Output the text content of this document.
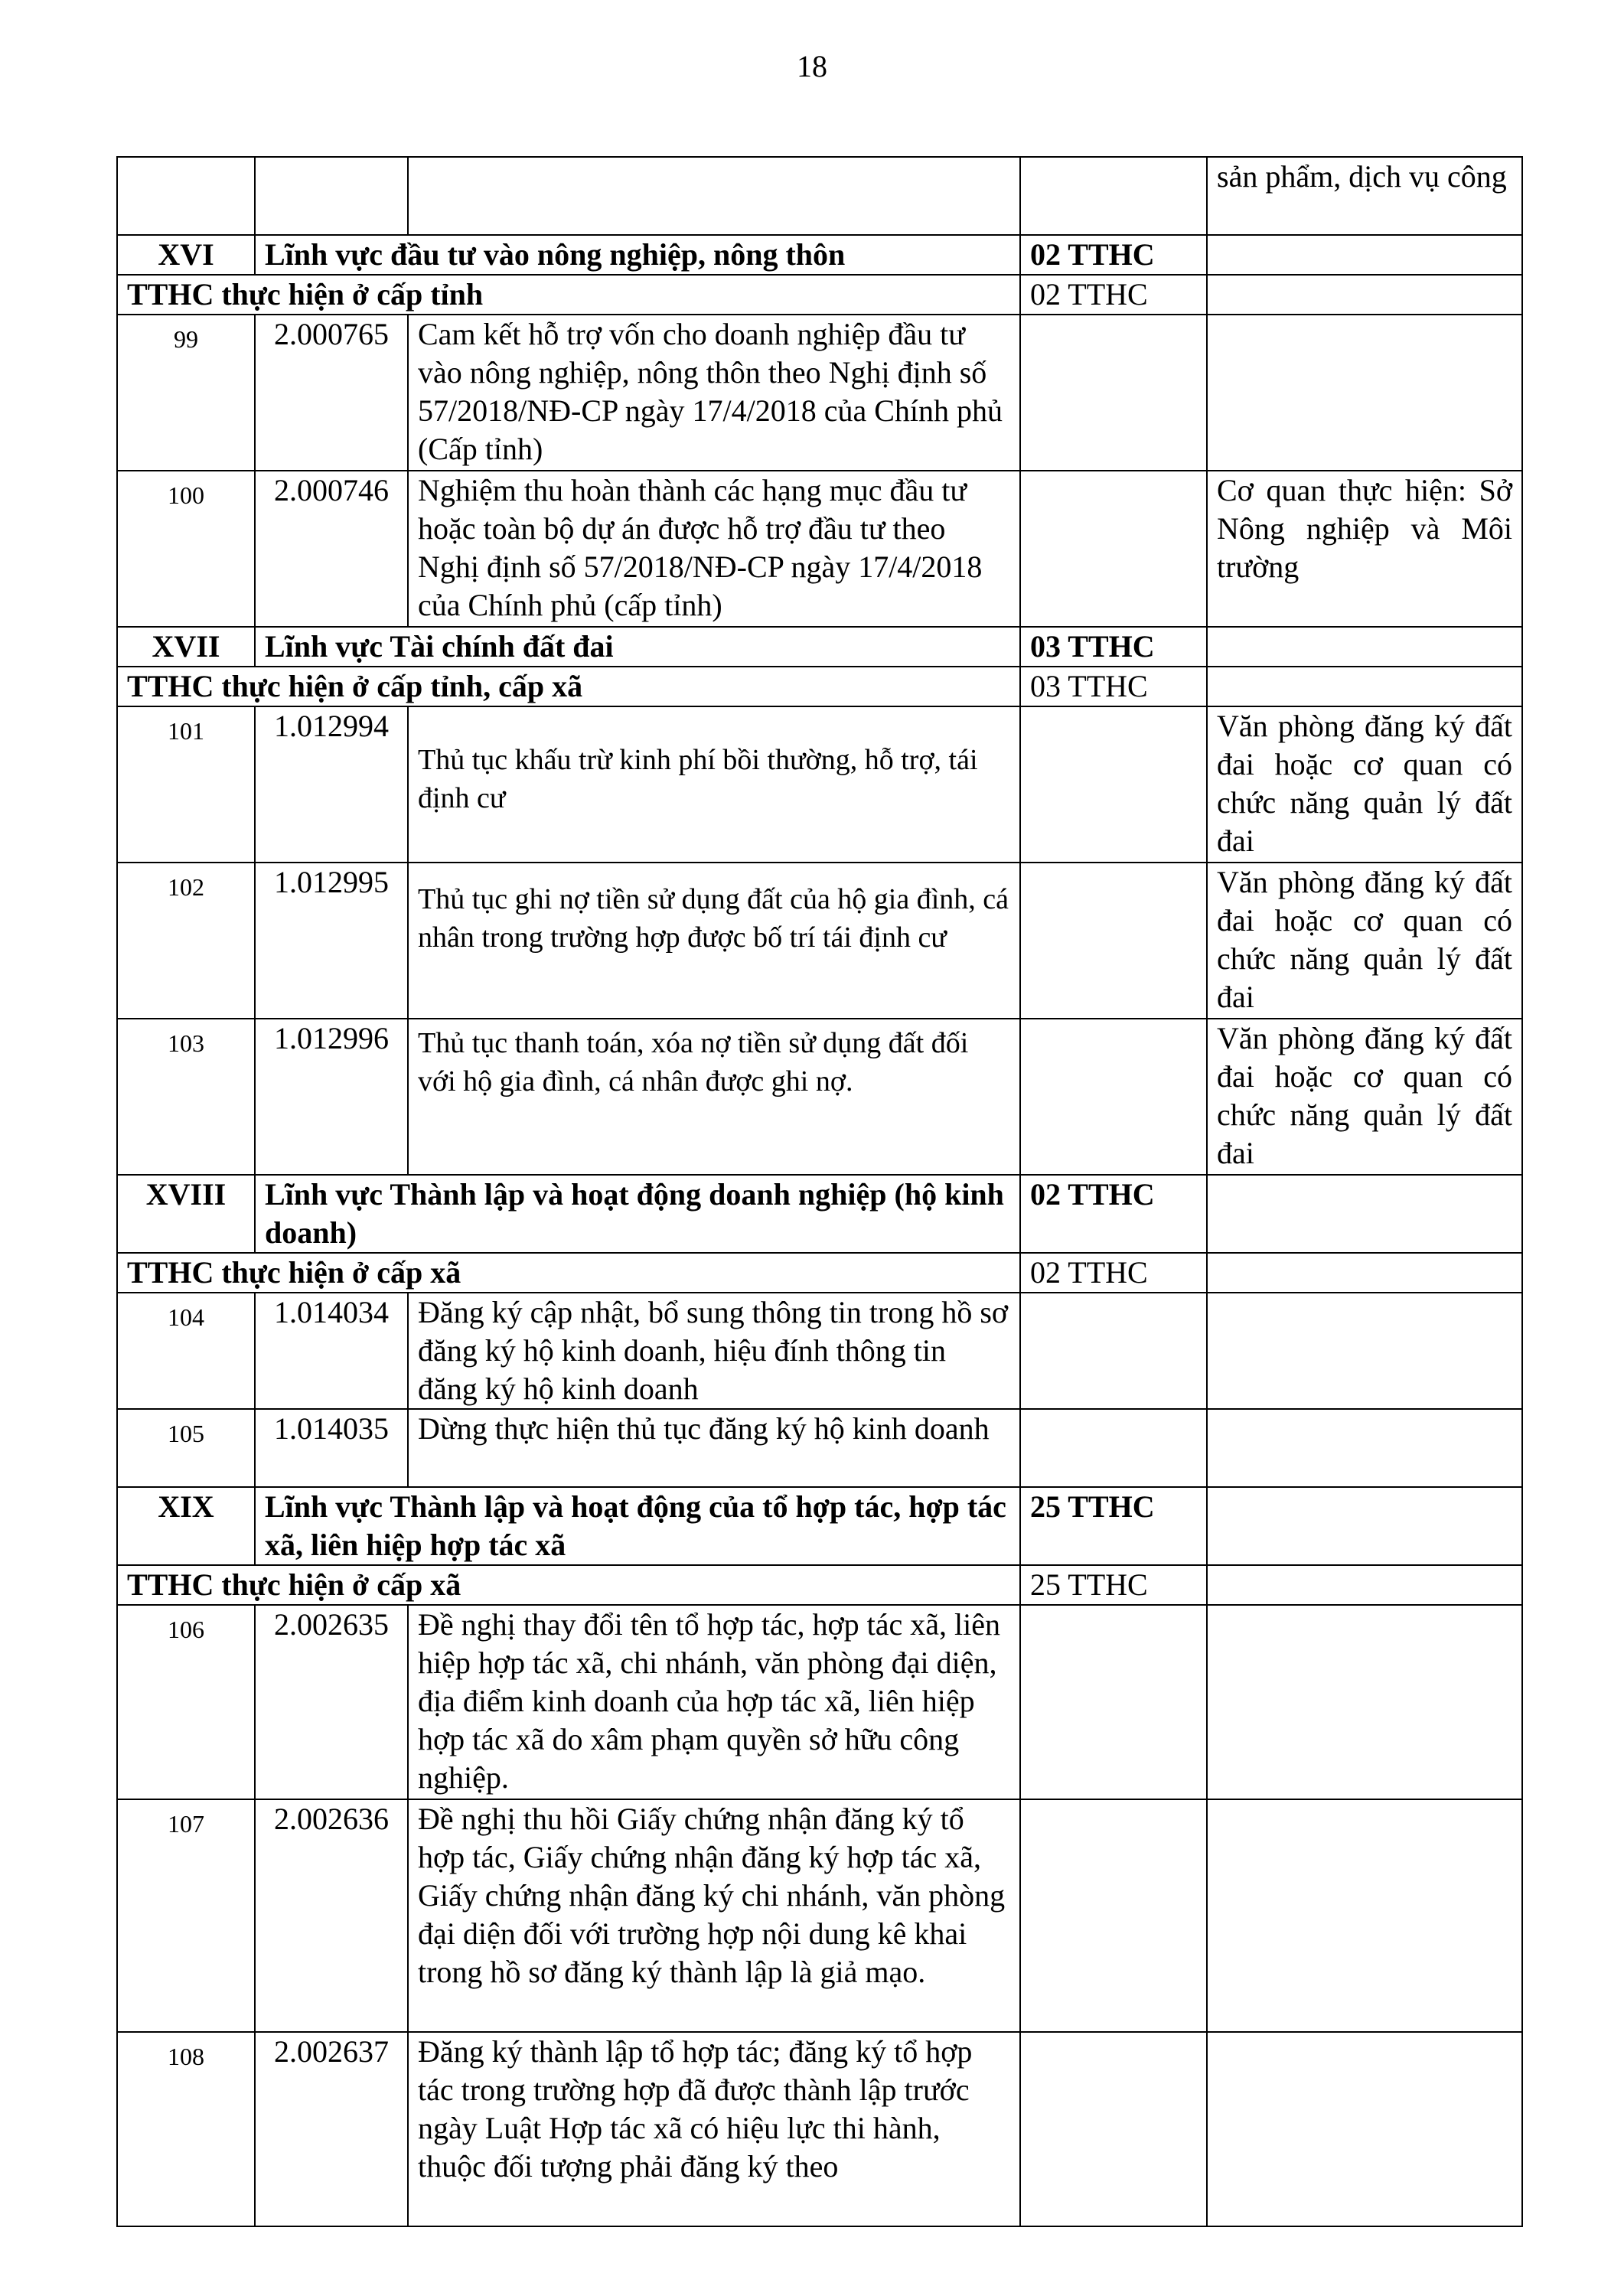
18
				sản phẩm, dịch vụ công
XVI	Lĩnh vực đầu tư vào nông nghiệp, nông thôn		02 TTHC	
TTHC thực hiện ở cấp tỉnh			02 TTHC	
99	2.000765	Cam kết hỗ trợ vốn cho doanh nghiệp đầu tư vào nông nghiệp, nông thôn theo Nghị định số 57/2018/NĐ-CP ngày 17/4/2018 của Chính phủ (Cấp tỉnh)		
100	2.000746	Nghiệm thu hoàn thành các hạng mục đầu tư hoặc toàn bộ dự án được hỗ trợ đầu tư theo Nghị định số 57/2018/NĐ-CP ngày 17/4/2018 của Chính phủ (cấp tỉnh)		Cơ quan thực hiện: Sở Nông nghiệp và Môi trường
XVII	Lĩnh vực Tài chính đất đai		03 TTHC	
TTHC thực hiện ở cấp tỉnh, cấp xã			03 TTHC	
101	1.012994	Thủ tục khấu trừ kinh phí bồi thường, hỗ trợ, tái định cư		Văn phòng đăng ký đất đai hoặc cơ quan có chức năng quản lý đất đai
102	1.012995	Thủ tục ghi nợ tiền sử dụng đất của hộ gia đình, cá nhân trong trường hợp được bố trí tái định cư		Văn phòng đăng ký đất đai hoặc cơ quan có chức năng quản lý đất đai
103	1.012996	Thủ tục thanh toán, xóa nợ tiền sử dụng đất đối với hộ gia đình, cá nhân được ghi nợ.		Văn phòng đăng ký đất đai hoặc cơ quan có chức năng quản lý đất đai
XVIII	Lĩnh vực Thành lập và hoạt động doanh nghiệp (hộ kinh doanh)		02 TTHC	
TTHC thực hiện ở cấp xã			02 TTHC	
104	1.014034	Đăng ký cập nhật, bổ sung thông tin trong hồ sơ đăng ký hộ kinh doanh, hiệu đính thông tin đăng ký hộ kinh doanh		
105	1.014035	Dừng thực hiện thủ tục đăng ký hộ kinh doanh		
XIX	Lĩnh vực Thành lập và hoạt động của tổ hợp tác, hợp tác xã, liên hiệp hợp tác xã		25 TTHC	
TTHC thực hiện ở cấp xã			25 TTHC	
106	2.002635	Đề nghị thay đổi tên tổ hợp tác, hợp tác xã, liên hiệp hợp tác xã, chi nhánh, văn phòng đại diện, địa điểm kinh doanh của hợp tác xã, liên hiệp hợp tác xã do xâm phạm quyền sở hữu công nghiệp.		
107	2.002636	Đề nghị thu hồi Giấy chứng nhận đăng ký tổ hợp tác, Giấy chứng nhận đăng ký hợp tác xã, Giấy chứng nhận đăng ký chi nhánh, văn phòng đại diện đối với trường hợp nội dung kê khai trong hồ sơ đăng ký thành lập là giả mạo.		
108	2.002637	Đăng ký thành lập tổ hợp tác; đăng ký tổ hợp tác trong trường hợp đã được thành lập trước ngày Luật Hợp tác xã có hiệu lực thi hành, thuộc đối tượng phải đăng ký theo		
